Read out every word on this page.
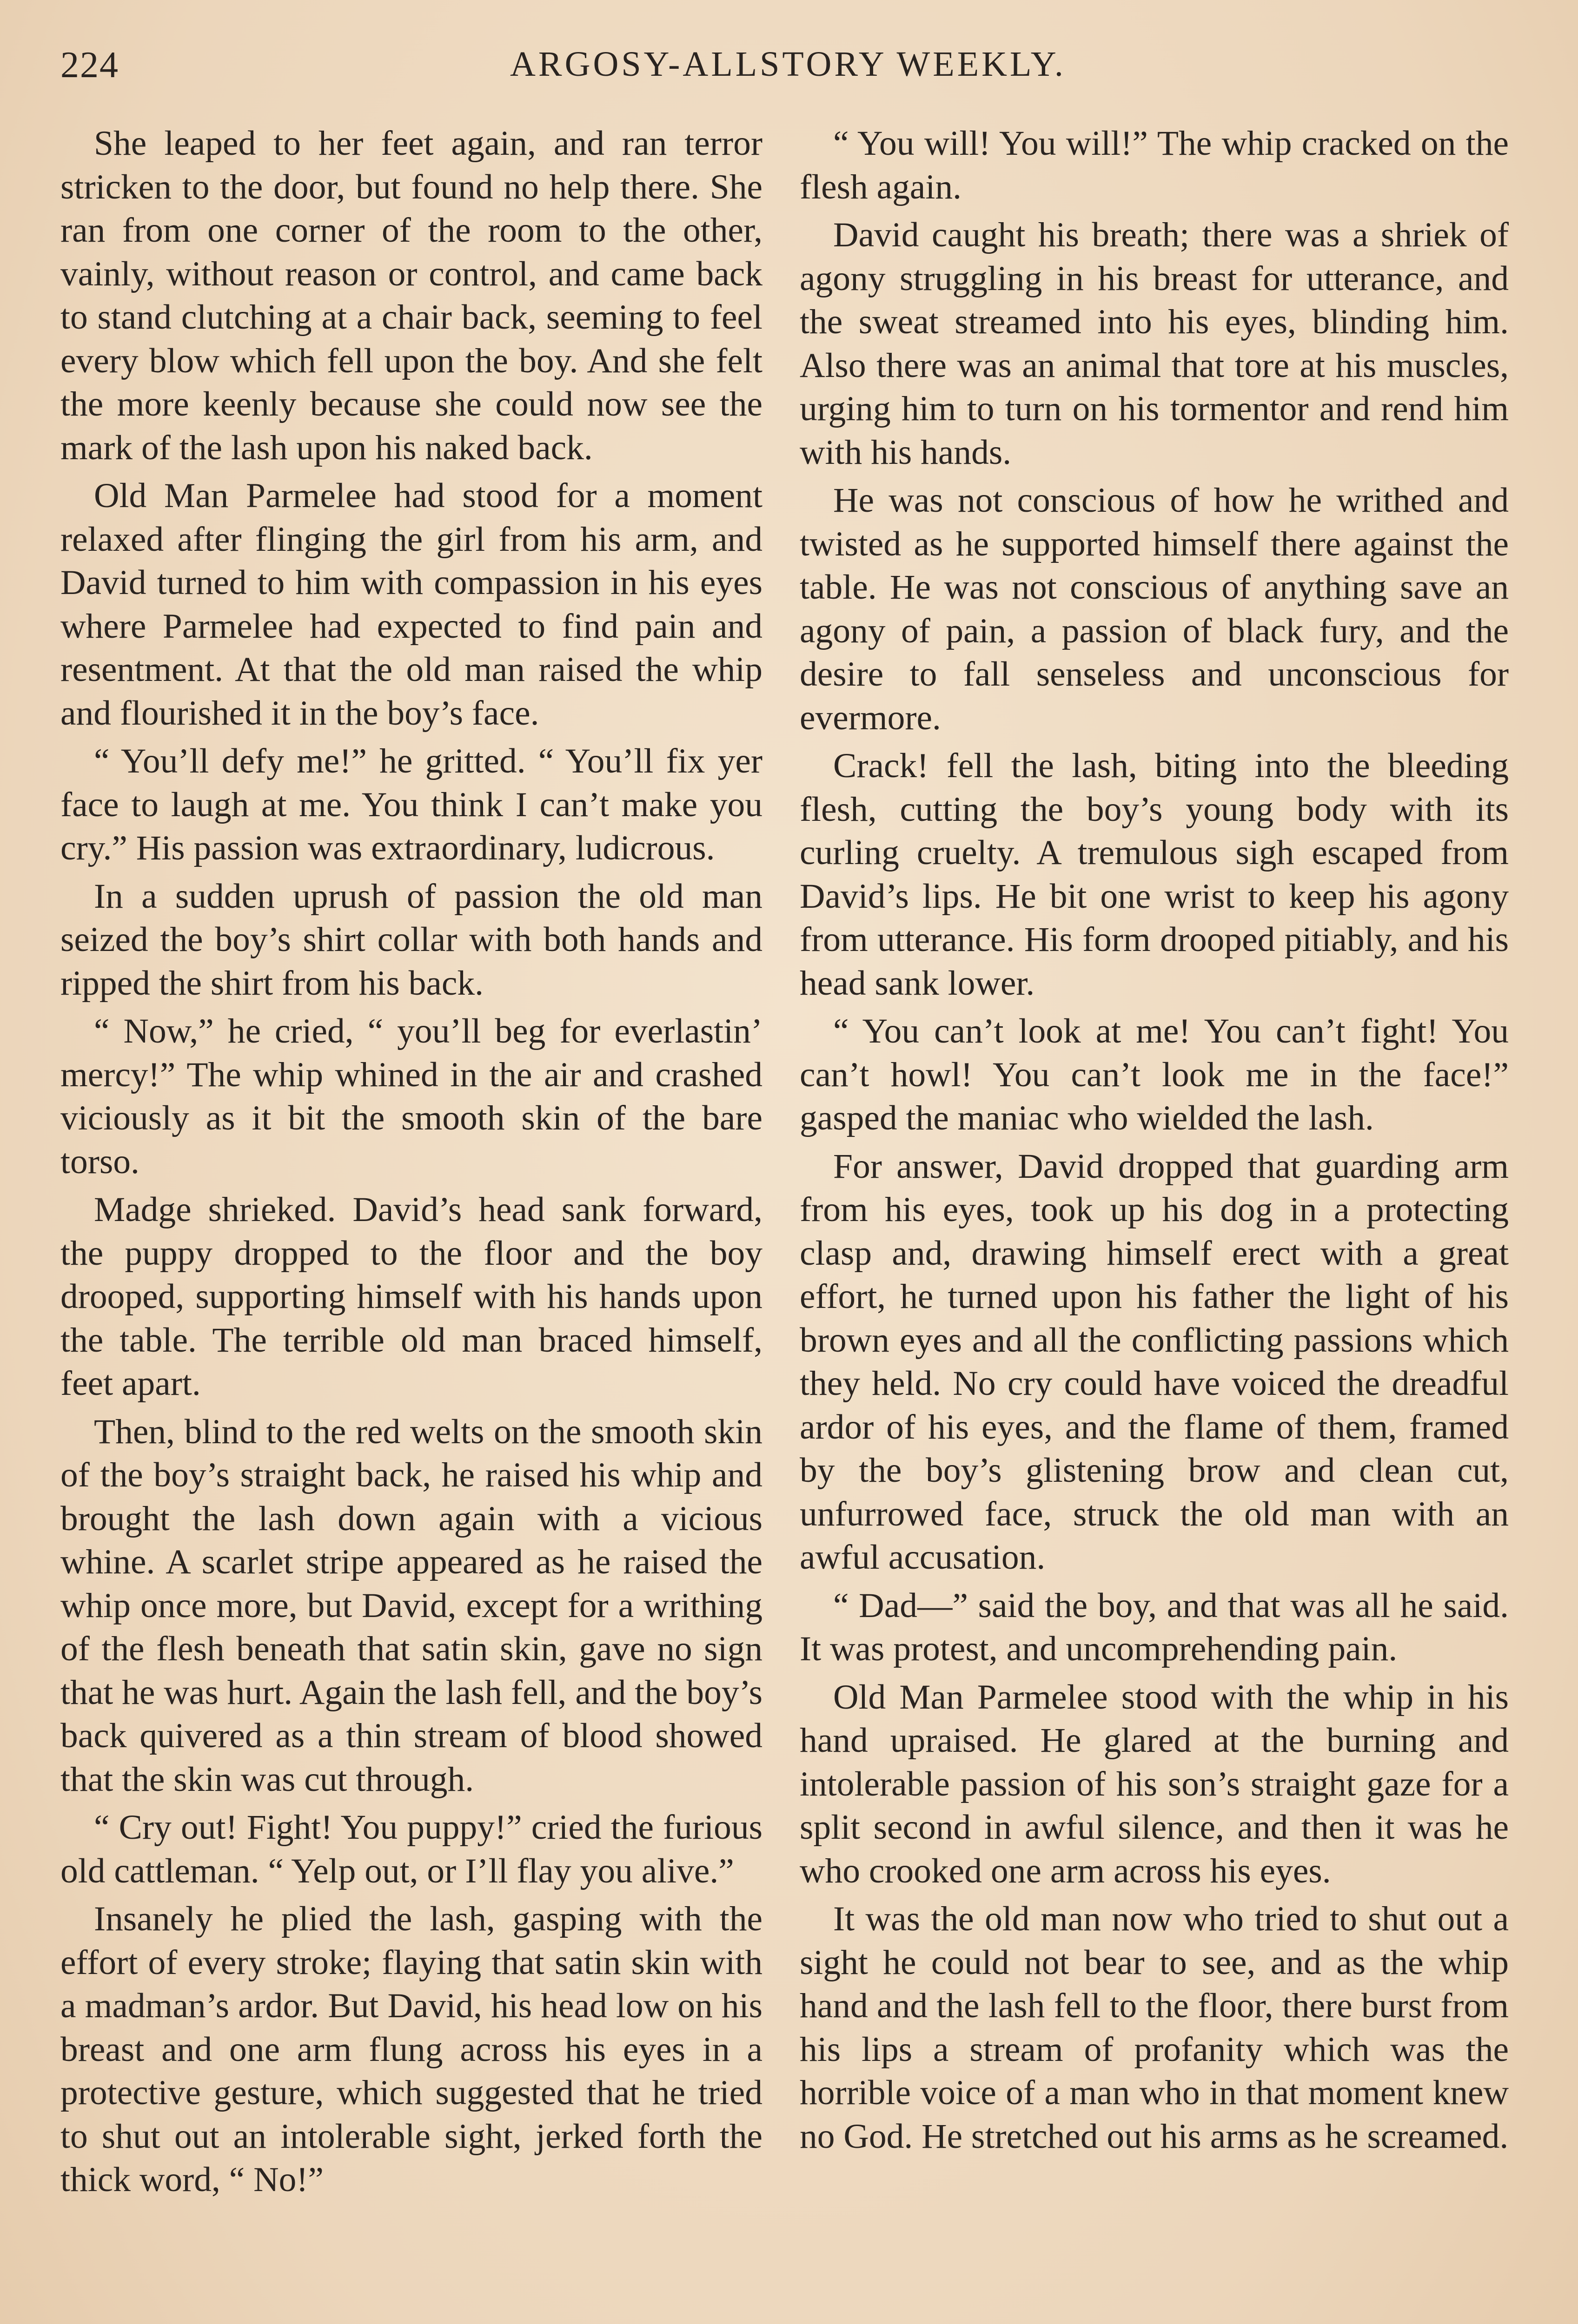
224	ARGOSY-ALLSTORY WEEKLY.

She leaped to her feet again, and ran terror stricken to the door, but found no help there. She ran from one corner of the room to the other, vainly, without reason or control, and came back to stand clutching at a chair back, seeming to feel every blow which fell upon the boy. And she felt the more keenly because she could now see the mark of the lash upon his naked back.

Old Man Parmelee had stood for a moment relaxed after flinging the girl from his arm, and David turned to him with compassion in his eyes where Parmelee had expected to find pain and resentment. At that the old man raised the whip and flourished it in the boy’s face.

“ You’ll defy me!” he gritted. “ You’ll fix yer face to laugh at me. You think I can’t make you cry.” His passion was extraordinary, ludicrous.

In a sudden uprush of passion the old man seized the boy’s shirt collar with both hands and ripped the shirt from his back.

“ Now,” he cried, “ you’ll beg for everlastin’ mercy!” The whip whined in the air and crashed viciously as it bit the smooth skin of the bare torso.

Madge shrieked. David’s head sank forward, the puppy dropped to the floor and the boy drooped, supporting himself with his hands upon the table. The terrible old man braced himself, feet apart.

Then, blind to the red welts on the smooth skin of the boy’s straight back, he raised his whip and brought the lash down again with a vicious whine. A scarlet stripe appeared as he raised the whip once more, but David, except for a writhing of the flesh beneath that satin skin, gave no sign that he was hurt. Again the lash fell, and the boy’s back quivered as a thin stream of blood showed that the skin was cut through.

“ Cry out! Fight! You puppy!” cried the furious old cattleman. “ Yelp out, or I’ll flay you alive.”

Insanely he plied the lash, gasping with the effort of every stroke; flaying that satin skin with a madman’s ardor. But David, his head low on his breast and one arm flung across his eyes in a protective gesture, which suggested that he tried to shut out an intolerable sight, jerked forth the thick word, “ No!”

“ You will! You will!” The whip cracked on the flesh again.

David caught his breath; there was a shriek of agony struggling in his breast for utterance, and the sweat streamed into his eyes, blinding him. Also there was an animal that tore at his muscles, urging him to turn on his tormentor and rend him with his hands.

He was not conscious of how he writhed and twisted as he supported himself there against the table. He was not conscious of anything save an agony of pain, a passion of black fury, and the desire to fall senseless and unconscious for evermore.

Crack! fell the lash, biting into the bleeding flesh, cutting the boy’s young body with its curling cruelty. A tremulous sigh escaped from David’s lips. He bit one wrist to keep his agony from utterance. His form drooped pitiably, and his head sank lower.

“ You can’t look at me! You can’t fight! You can’t howl! You can’t look me in the face!” gasped the maniac who wielded the lash.

For answer, David dropped that guarding arm from his eyes, took up his dog in a protecting clasp and, drawing himself erect with a great effort, he turned upon his father the light of his brown eyes and all the conflicting passions which they held. No cry could have voiced the dreadful ardor of his eyes, and the flame of them, framed by the boy’s glistening brow and clean cut, unfurrowed face, struck the old man with an awful accusation.

“ Dad—” said the boy, and that was all he said. It was protest, and uncomprehending pain.

Old Man Parmelee stood with the whip in his hand upraised. He glared at the burning and intolerable passion of his son’s straight gaze for a split second in awful silence, and then it was he who crooked one arm across his eyes.

It was the old man now who tried to shut out a sight he could not bear to see, and as the whip hand and the lash fell to the floor, there burst from his lips a stream of profanity which was the horrible voice of a man who in that moment knew no God. He stretched out his arms as he screamed.
